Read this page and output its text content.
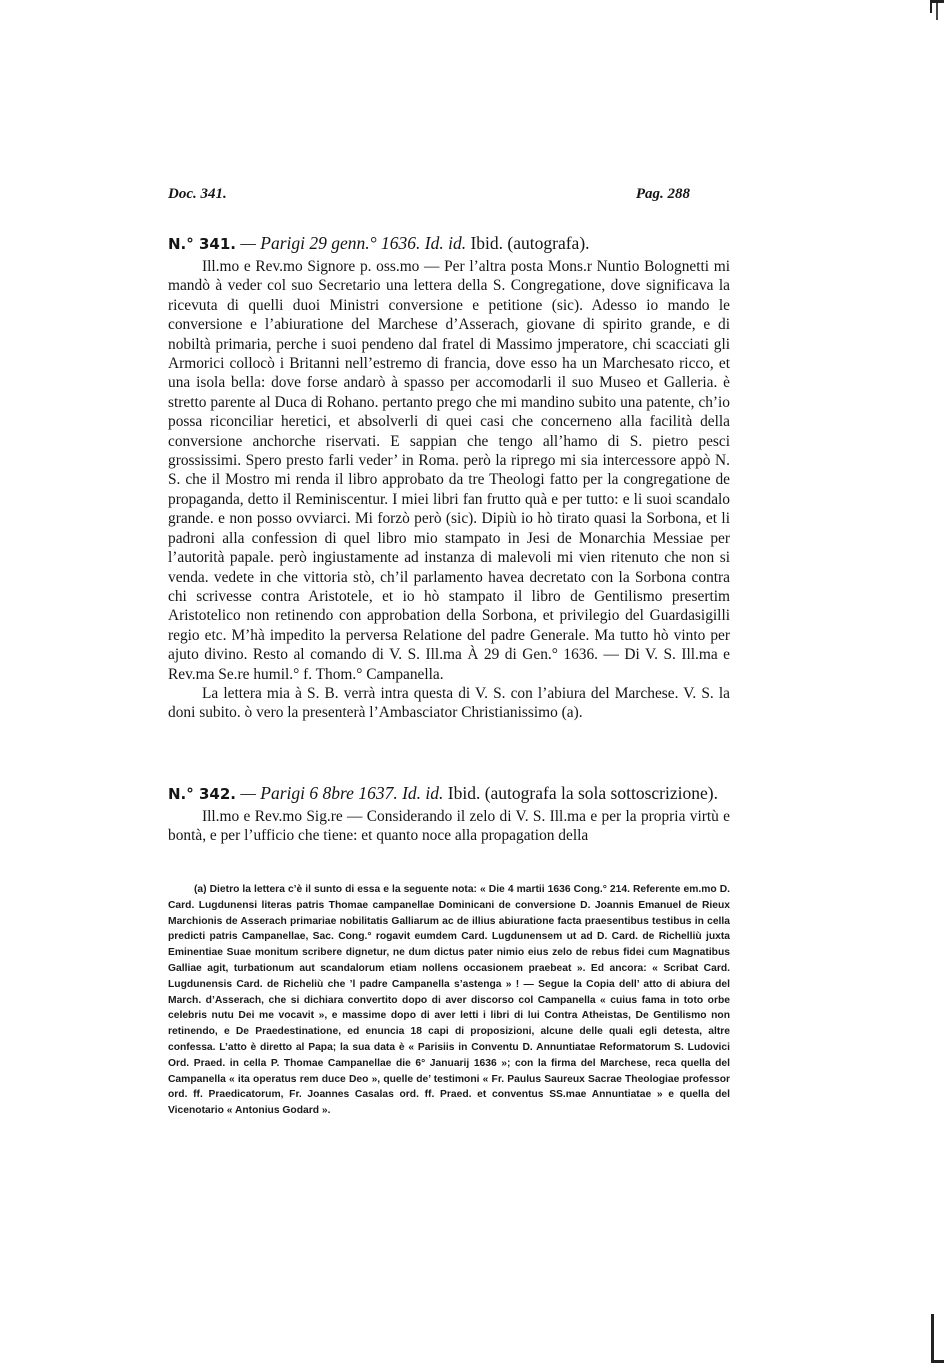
Doc. 341.	Pag. 288

N.° 341. — Parigi 29 genn.° 1636. Id. id. Ibid. (autografa).

Ill.mo e Rev.mo Signore p. oss.mo — Per l’altra posta Mons.r Nuntio Bolognetti mi mandò à veder col suo Secretario una lettera della S. Congregatione, dove significava la ricevuta di quelli duoi Ministri conversione e petitione (sic). Adesso io mando le conversione e l’abiuratione del Marchese d’Asserach, giovane di spirito grande, e di nobiltà primaria, perche i suoi pendeno dal fratel di Massimo jmperatore, chi scacciati gli Armorici collocò i Britanni nell’estremo di francia, dove esso ha un Marchesato ricco, et una isola bella: dove forse andarò à spasso per accomodarli il suo Museo et Galleria. è stretto parente al Duca di Rohano. pertanto prego che mi mandino subito una patente, ch’io possa riconciliar heretici, et absolverli di quei casi che concerneno alla facilità della conversione anchorche riservati. E sappian che tengo all’hamo di S. pietro pesci grossissimi. Spero presto farli veder’ in Roma. però la riprego mi sia intercessore appò N. S. che il Mostro mi renda il libro approbato da tre Theologi fatto per la congregatione de propaganda, detto il Reminiscentur. I miei libri fan frutto quà e per tutto: e li suoi scandalo grande. e non posso ovviarci. Mi forzò però (sic). Dipiù io hò tirato quasi la Sorbona, et li padroni alla confession di quel libro mio stampato in Jesi de Monarchia Messiae per l’autorità papale. però ingiustamente ad instanza di malevoli mi vien ritenuto che non si venda. vedete in che vittoria stò, ch’il parlamento havea decretato con la Sorbona contra chi scrivesse contra Aristotele, et io hò stampato il libro de Gentilismo presertim Aristotelico non retinendo con approbation della Sorbona, et privilegio del Guardasigilli regio etc. M’hà impedito la perversa Relatione del padre Generale. Ma tutto hò vinto per ajuto divino. Resto al comando di V. S. Ill.ma À 29 di Gen.° 1636. — Di V. S. Ill.ma e Rev.ma Se.re humil.° f. Thom.° Campanella.

La lettera mia à S. B. verrà intra questa di V. S. con l’abiura del Marchese. V. S. la doni subito. ò vero la presenterà l’Ambasciator Christianissimo (a).

N.° 342. — Parigi 6 8bre 1637. Id. id. Ibid. (autografa la sola sottoscrizione).

Ill.mo e Rev.mo Sig.re — Considerando il zelo di V. S. Ill.ma e per la propria virtù e bontà, e per l’ufficio che tiene: et quanto noce alla propagation della

(a) Dietro la lettera c’è il sunto di essa e la seguente nota: « Die 4 martii 1636 Cong.° 214. Referente em.mo D. Card. Lugdunensi literas patris Thomae campanellae Dominicani de conversione D. Joannis Emanuel de Rieux Marchionis de Asserach primariae nobilitatis Galliarum ac de illius abiuratione facta praesentibus testibus in cella predicti patris Campanellae, Sac. Cong.° rogavit eumdem Card. Lugdunensem ut ad D. Card. de Richelliù juxta Eminentiae Suae monitum scribere dignetur, ne dum dictus pater nimio eius zelo de rebus fidei cum Magnatibus Galliae agit, turbationum aut scandalorum etiam nollens occasionem praebeat ». Ed ancora: « Scribat Card. Lugdunensis Card. de Richeliù che ’l padre Campanella s’astenga » ! — Segue la Copia dell’ atto di abiura del March. d’Asserach, che si dichiara convertito dopo di aver discorso col Campanella « cuius fama in toto orbe celebris nutu Dei me vocavit », e massime dopo di aver letti i libri di lui Contra Atheistas, De Gentilismo non retinendo, e De Praedestinatione, ed enuncia 18 capi di proposizioni, alcune delle quali egli detesta, altre confessa. L’atto è diretto al Papa; la sua data è « Parisiis in Conventu D. Annuntiatae Reformatorum S. Ludovici Ord. Praed. in cella P. Thomae Campanellae die 6° Januarij 1636 »; con la firma del Marchese, reca quella del Campanella « ita operatus rem duce Deo », quelle de’ testimoni « Fr. Paulus Saureux Sacrae Theologiae professor ord. ff. Praedicatorum, Fr. Joannes Casalas ord. ff. Praed. et conventus SS.mae Annuntiatae » e quella del Vicenotario « Antonius Godard ».
